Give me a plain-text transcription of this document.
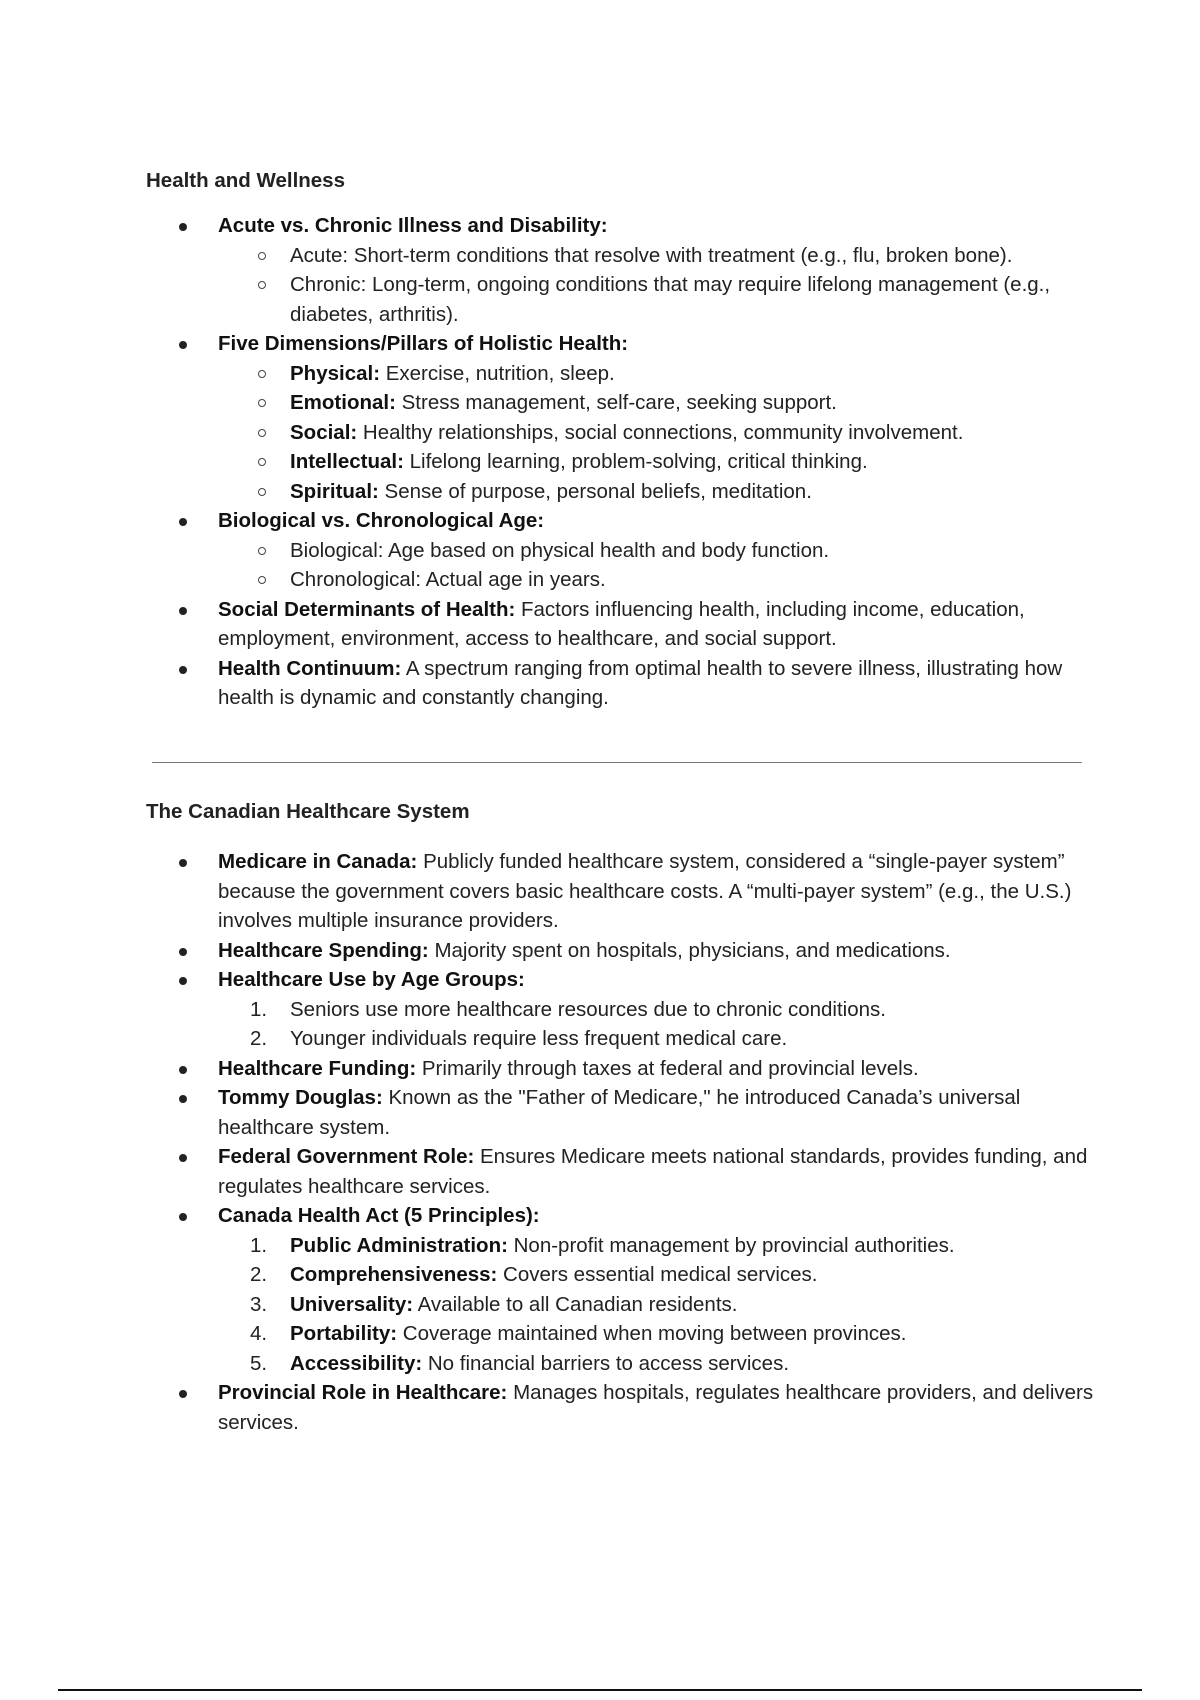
Health and Wellness

Acute vs. Chronic Illness and Disability:
Acute: Short-term conditions that resolve with treatment (e.g., flu, broken bone).
Chronic: Long-term, ongoing conditions that may require lifelong management (e.g., diabetes, arthritis).
Five Dimensions/Pillars of Holistic Health:
Physical: Exercise, nutrition, sleep.
Emotional: Stress management, self-care, seeking support.
Social: Healthy relationships, social connections, community involvement.
Intellectual: Lifelong learning, problem-solving, critical thinking.
Spiritual: Sense of purpose, personal beliefs, meditation.
Biological vs. Chronological Age:
Biological: Age based on physical health and body function.
Chronological: Actual age in years.
Social Determinants of Health: Factors influencing health, including income, education, employment, environment, access to healthcare, and social support.
Health Continuum: A spectrum ranging from optimal health to severe illness, illustrating how health is dynamic and constantly changing.

The Canadian Healthcare System

Medicare in Canada: Publicly funded healthcare system, considered a “single-payer system” because the government covers basic healthcare costs. A “multi-payer system” (e.g., the U.S.) involves multiple insurance providers.
Healthcare Spending: Majority spent on hospitals, physicians, and medications.
Healthcare Use by Age Groups:
1. Seniors use more healthcare resources due to chronic conditions.
2. Younger individuals require less frequent medical care.
Healthcare Funding: Primarily through taxes at federal and provincial levels.
Tommy Douglas: Known as the "Father of Medicare," he introduced Canada’s universal healthcare system.
Federal Government Role: Ensures Medicare meets national standards, provides funding, and regulates healthcare services.
Canada Health Act (5 Principles):
1. Public Administration: Non-profit management by provincial authorities.
2. Comprehensiveness: Covers essential medical services.
3. Universality: Available to all Canadian residents.
4. Portability: Coverage maintained when moving between provinces.
5. Accessibility: No financial barriers to access services.
Provincial Role in Healthcare: Manages hospitals, regulates healthcare providers, and delivers services.
